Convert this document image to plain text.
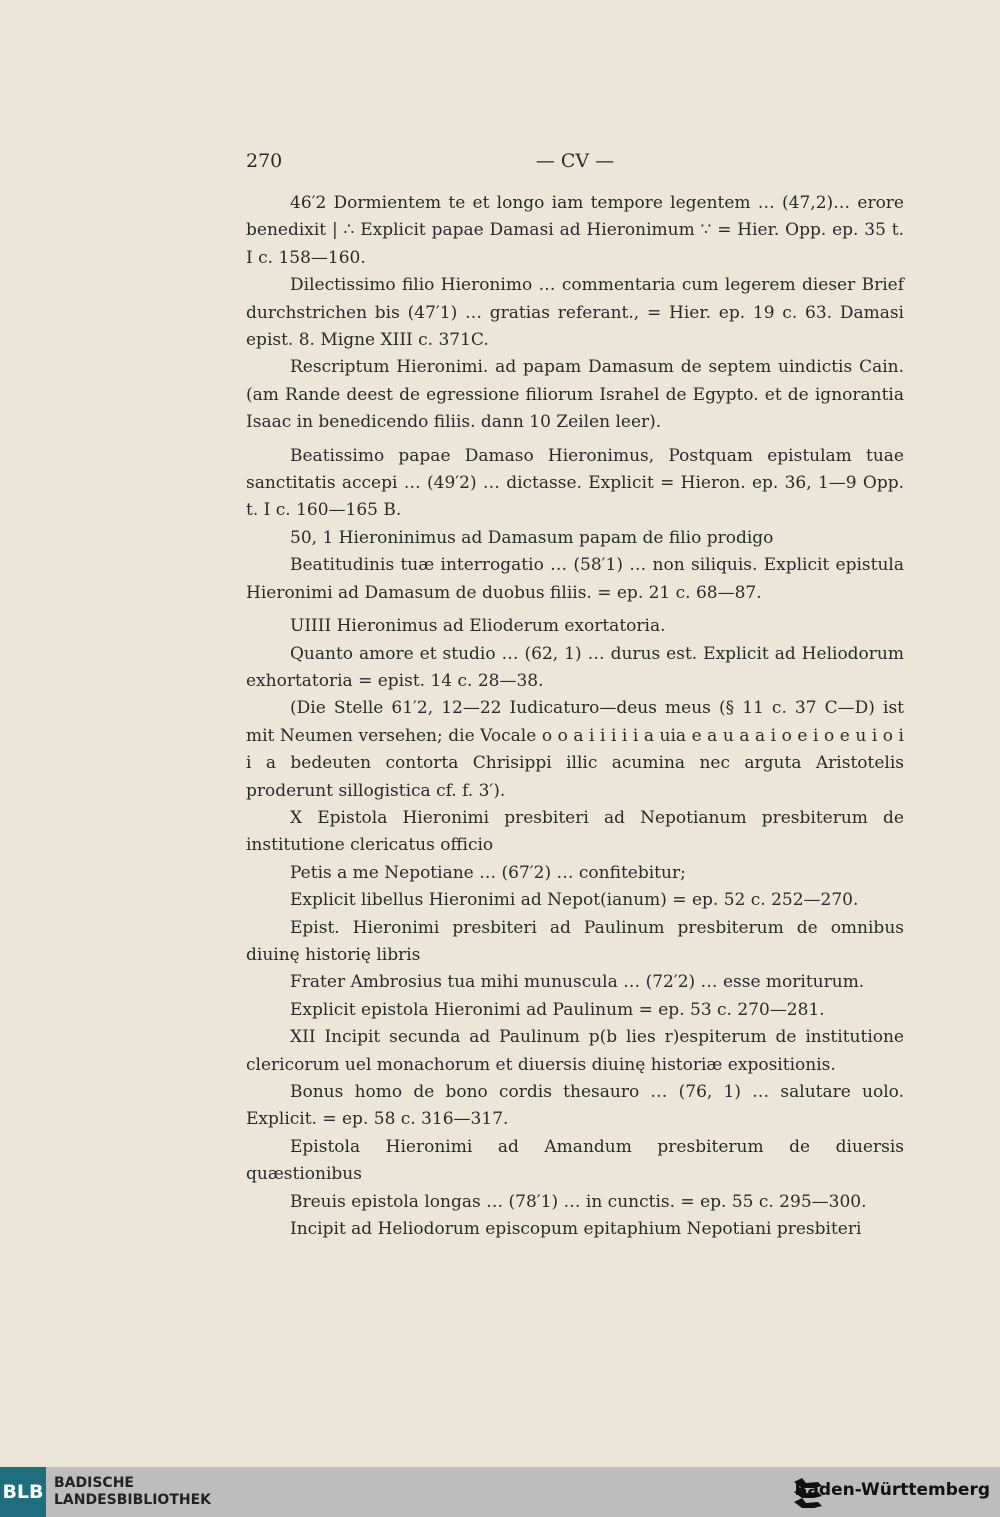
270	— CV —

46′2 Dormientem te et longo iam tempore legentem … (47,2)… erore benedixit | ∴ Explicit papae Damasi ad Hieronimum ∵ = Hier. Opp. ep. 35 t. I c. 158—160.

Dilectissimo filio Hieronimo … commentaria cum legerem dieser Brief durchstrichen bis (47′1) … gratias referant., = Hier. ep. 19 c. 63. Damasi epist. 8. Migne XIII c. 371C.

Rescriptum Hieronimi. ad papam Damasum de septem uindictis Cain. (am Rande deest de egressione filiorum Israhel de Egypto. et de ignorantia Isaac in benedicendo filiis. dann 10 Zeilen leer).

Beatissimo papae Damaso Hieronimus, Postquam epistulam tuae sanctitatis accepi … (49′2) … dictasse. Explicit = Hieron. ep. 36, 1—9 Opp. t. I c. 160—165 B.

50, 1 Hieroninimus ad Damasum papam de filio prodigo

Beatitudinis tuæ interrogatio … (58′1) … non siliquis. Explicit epistula Hieronimi ad Damasum de duobus filiis. = ep. 21 c. 68—87.

UIIII Hieronimus ad Elioderum exortatoria.

Quanto amore et studio … (62, 1) … durus est. Explicit ad Heliodorum exhortatoria = epist. 14 c. 28—38.

(Die Stelle 61′2, 12—22 Iudicaturo—deus meus (§ 11 c. 37 C—D) ist mit Neumen versehen; die Vocale o o a i i i i i a uia e a u a a i o e i o e u i o i i a bedeuten contorta Chrisippi illic acumina nec arguta Aristotelis proderunt sillogistica cf. f. 3′).

X Epistola Hieronimi presbiteri ad Nepotianum presbiterum de institutione clericatus officio

Petis a me Nepotiane … (67′2) … confitebitur;

Explicit libellus Hieronimi ad Nepot(ianum) = ep. 52 c. 252—270.

Epist. Hieronimi presbiteri ad Paulinum presbiterum de omnibus diuinę historię libris

Frater Ambrosius tua mihi munuscula … (72′2) … esse moriturum.

Explicit epistola Hieronimi ad Paulinum = ep. 53 c. 270—281.

XII Incipit secunda ad Paulinum p(b lies r)espiterum de institutione clericorum uel monachorum et diuersis diuinę historiæ expositionis.

Bonus homo de bono cordis thesauro … (76, 1) … salutare uolo. Explicit. = ep. 58 c. 316—317.

Epistola Hieronimi ad Amandum presbiterum de diuersis quæstionibus

Breuis epistola longas … (78′1) … in cunctis. = ep. 55 c. 295—300.

Incipit ad Heliodorum episcopum epitaphium Nepotiani presbiteri

BLB BADISCHE
LANDESBIBLIOTHEK	Baden-Württemberg
